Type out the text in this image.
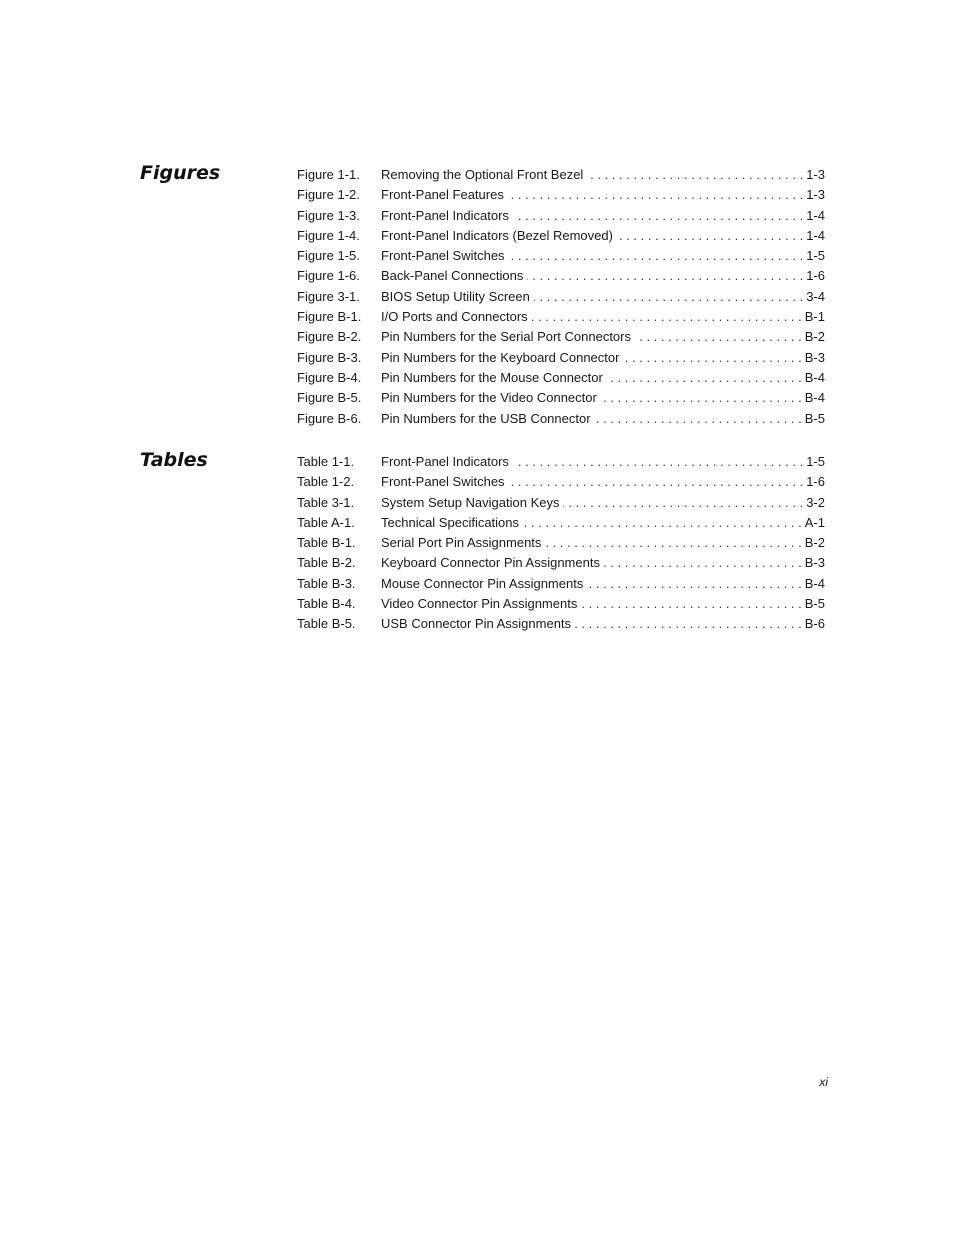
Figures	Figure 1-1.	Removing the Optional Front Bezel . . .	1-3
Figure 1-2.	Front-Panel Features . . .	1-3
Figure 1-3.	Front-Panel Indicators . . .	1-4
Figure 1-4.	Front-Panel Indicators (Bezel Removed) . . .	1-4
Figure 1-5.	Front-Panel Switches . . .	1-5
Figure 1-6.	Back-Panel Connections . . .	1-6
Figure 3-1.	BIOS Setup Utility Screen . . .	3-4
Figure B-1.	I/O Ports and Connectors . . .	B-1
Figure B-2.	Pin Numbers for the Serial Port Connectors . . .	B-2
Figure B-3.	Pin Numbers for the Keyboard Connector . . .	B-3
Figure B-4.	Pin Numbers for the Mouse Connector . . .	B-4
Figure B-5.	Pin Numbers for the Video Connector . . .	B-4
Figure B-6.	Pin Numbers for the USB Connector . . .	B-5
Tables	Table 1-1.	Front-Panel Indicators . . .	1-5
Table 1-2.	Front-Panel Switches . . .	1-6
Table 3-1.	System Setup Navigation Keys . . .	3-2
Table A-1.	Technical Specifications . . .	A-1
Table B-1.	Serial Port Pin Assignments . . .	B-2
Table B-2.	Keyboard Connector Pin Assignments . . .	B-3
Table B-3.	Mouse Connector Pin Assignments . . .	B-4
Table B-4.	Video Connector Pin Assignments . . .	B-5
Table B-5.	USB Connector Pin Assignments . . .	B-6
xi
